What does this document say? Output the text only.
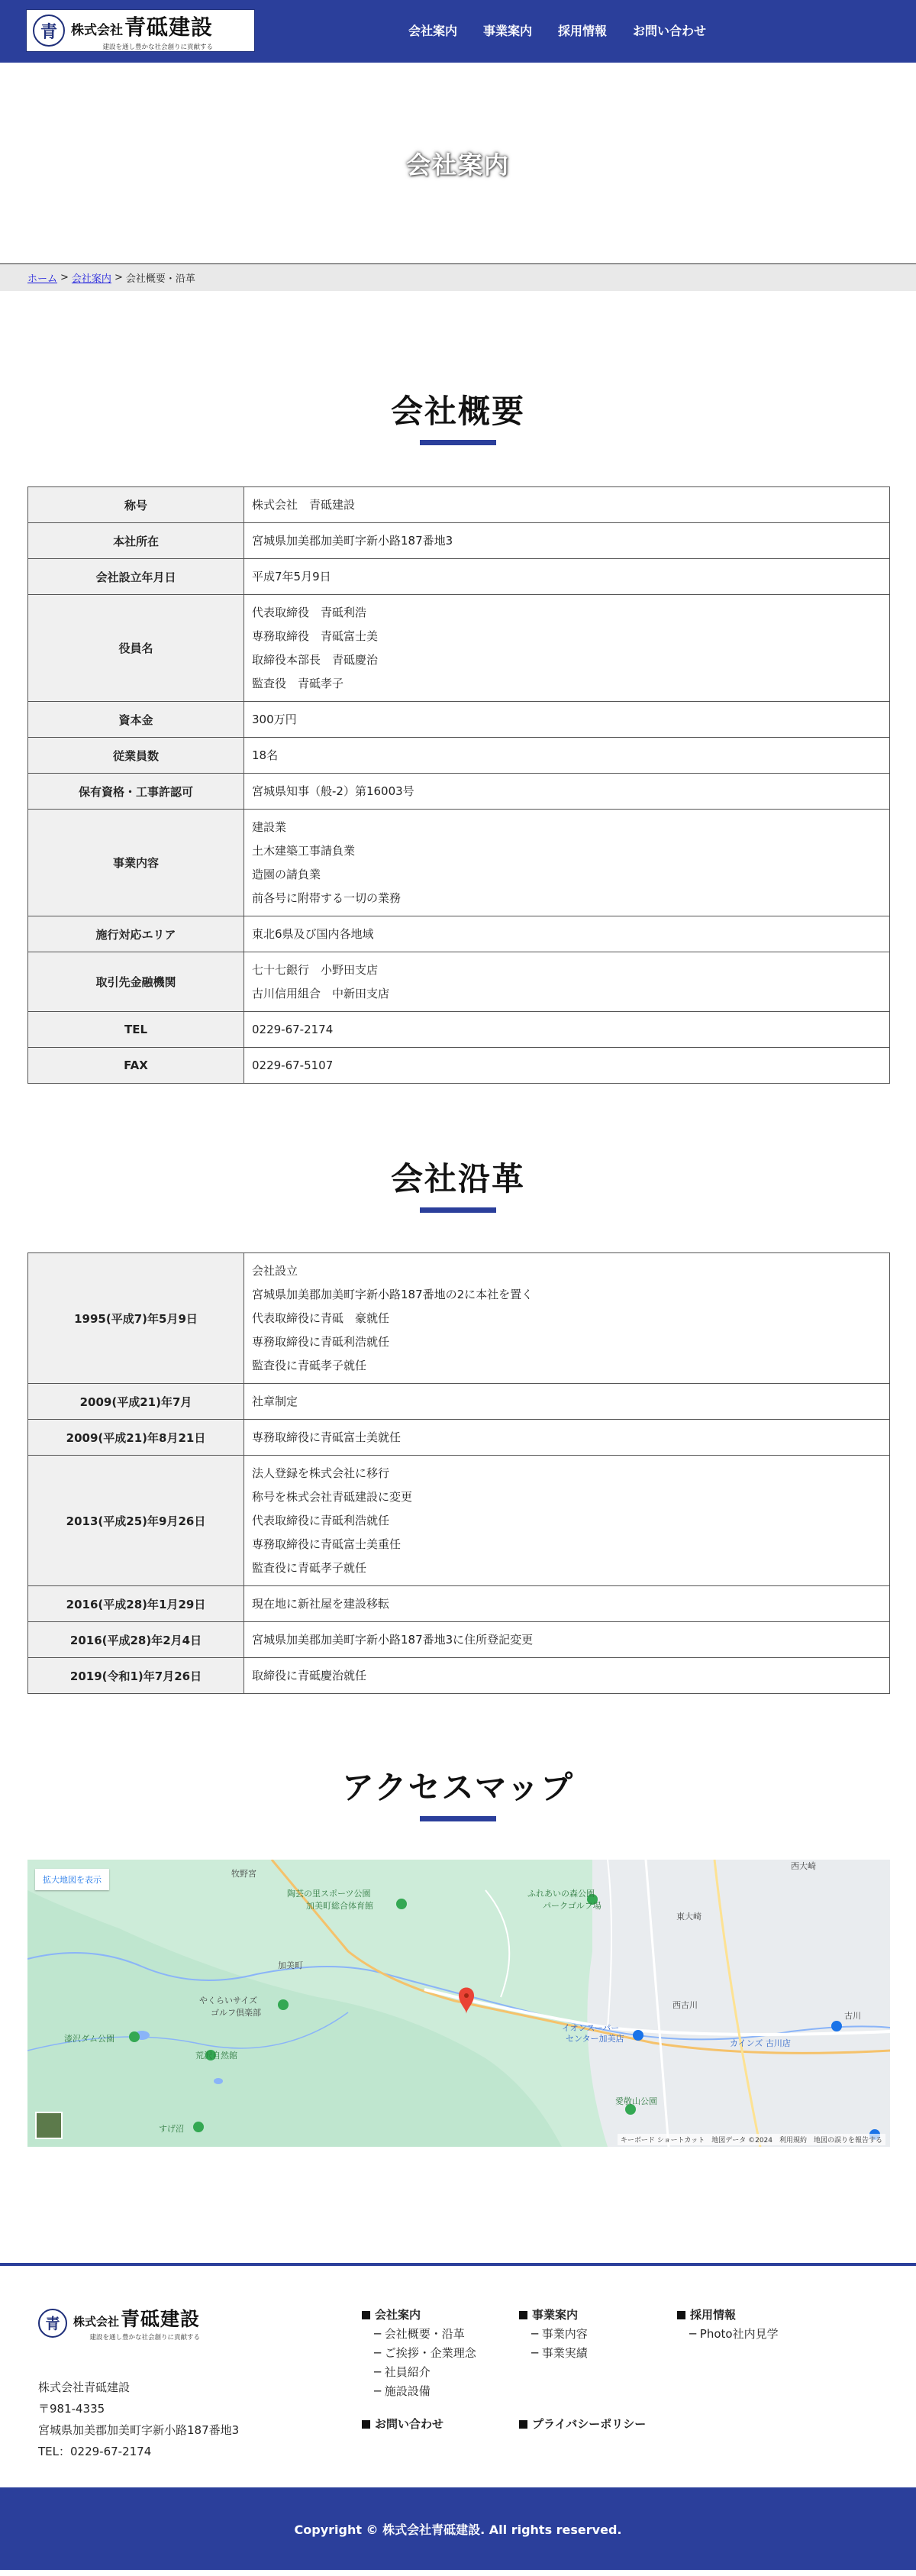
青 株式会社 青砥建設
建設を通し豊かな社会創りに貢献する
会社案内 事業案内 採用情報 お問い合わせ
会社案内
ホーム > 会社案内 > 会社概要・沿革
会社概要
称号	株式会社　青砥建設

本社所在	宮城県加美郡加美町字新小路187番地3

会社設立年月日	平成7年5月9日

役員名	代表取締役　青砥利浩
専務取締役　青砥富士美
取締役本部長　青砥慶治
監査役　青砥孝子

資本金	300万円

従業員数	18名

保有資格・工事許認可	宮城県知事（般-2）第16003号

事業内容	建設業
土木建築工事請負業
造園の請負業
前各号に附帯する一切の業務

施行対応エリア	東北6県及び国内各地域

取引先金融機関	七十七銀行　小野田支店
古川信用組合　中新田支店

TEL	0229-67-2174

FAX	0229-67-5107
会社沿革
1995(平成7)年5月9日	会社設立
宮城県加美郡加美町字新小路187番地の2に本社を置く
代表取締役に青砥　豪就任
専務取締役に青砥利浩就任
監査役に青砥孝子就任

2009(平成21)年7月	社章制定

2009(平成21)年8月21日	専務取締役に青砥富士美就任

2013(平成25)年9月26日	法人登録を株式会社に移行
称号を株式会社青砥建設に変更
代表取締役に青砥利浩就任
専務取締役に青砥富士美重任
監査役に青砥孝子就任

2016(平成28)年1月29日	現在地に新社屋を建設移転

2016(平成28)年2月4日	宮城県加美郡加美町字新小路187番地3に住所登記変更

2019(令和1)年7月26日	取締役に青砥慶治就任
アクセスマップ
拡大地図を表示
牧野宮
陶芸の里スポーツ公園
加美町総合体育館
ふれあいの森公園
パークゴルフ場
加美町
やくらいサイズ
ゴルフ倶楽部
漆沢ダム公園
荒沢自然館
すげ沼
イオンスーパー
センター加美店
西古川
カインズ 古川店
愛敬山公園
東大崎
西大崎
古川
キーボード ショートカット　地図データ ©2024　利用規約　地図の誤りを報告する
青 株式会社 青砥建設
建設を通し豊かな社会創りに貢献する
株式会社青砥建設
〒981-4335
宮城県加美郡加美町字新小路187番地3
TEL：0229-67-2174
会社案内
─ 会社概要・沿革
─ ご挨拶・企業理念
─ 社員紹介
─ 施設設備
お問い合わせ
事業案内
─ 事業内容
─ 事業実績
プライバシーポリシー
採用情報
─ Photo社内見学
Copyright © 株式会社青砥建設. All rights reserved.
